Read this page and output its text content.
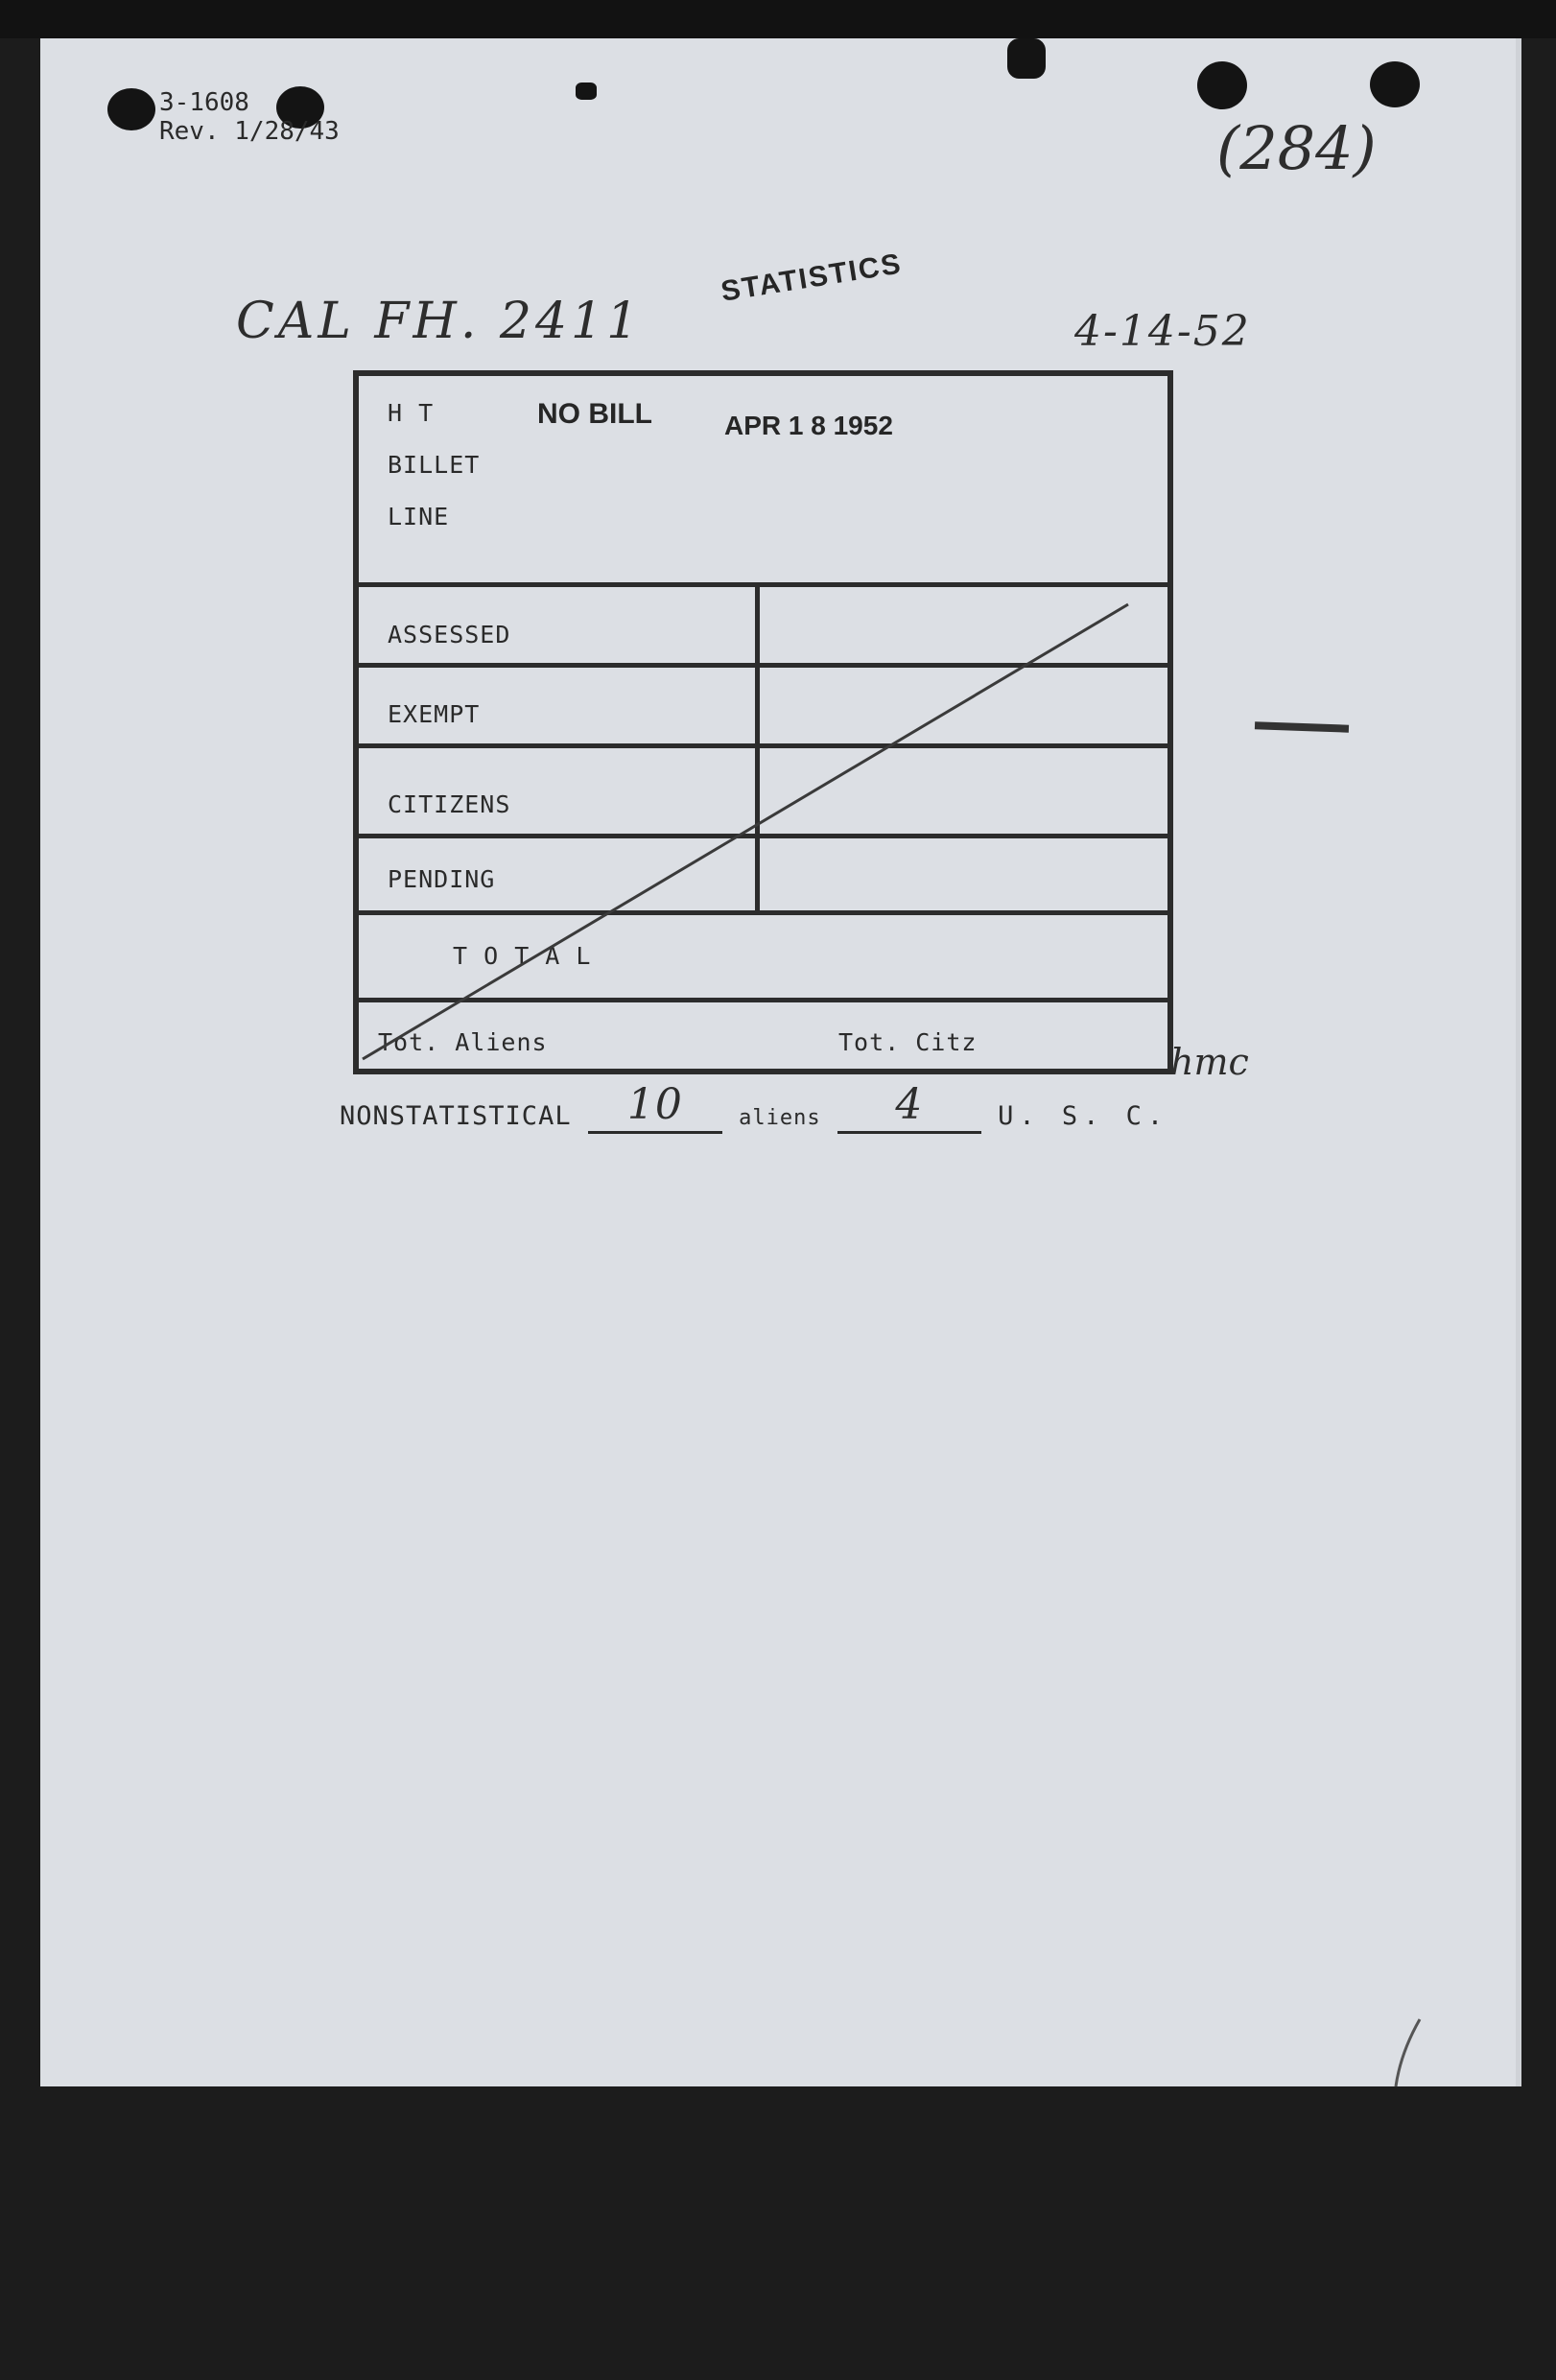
3-1608
Rev. 1/28/43	(284)
CAL FH. 2411	4-14-52
STATISTICS
H T
BILLET
LINE
ASSESSED
EXEMPT
CITIZENS
PENDING
T O T A L
Tot. Aliens	Tot. Citz
NO BILL	APR 1 8 1952
hmc
NONSTATISTICAL	10	aliens	4	U. S. C.
